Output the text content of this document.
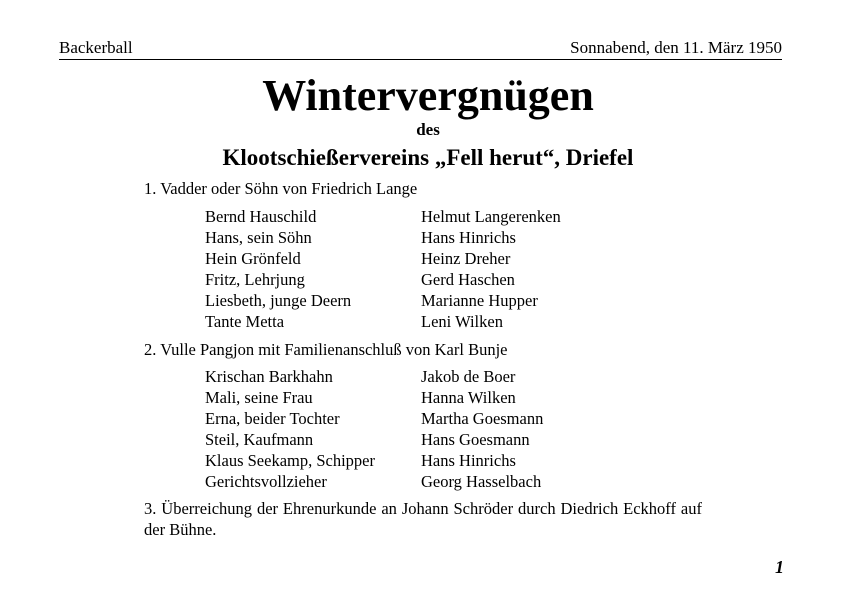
Backerball	Sonnabend, den 11. März 1950
Wintervergnügen
des
Klootschießervereins „Fell herut“, Driefel
1. Vadder oder Söhn von Friedrich Lange
Bernd Hauschild	Helmut Langerenken
Hans, sein Söhn	Hans Hinrichs
Hein Grönfeld	Heinz Dreher
Fritz, Lehrjung	Gerd Haschen
Liesbeth, junge Deern	Marianne Hupper
Tante Metta	Leni Wilken
2. Vulle Pangjon mit Familienanschluß von Karl Bunje
Krischan Barkhahn	Jakob de Boer
Mali, seine Frau	Hanna Wilken
Erna, beider Tochter	Martha Goesmann
Steil, Kaufmann	Hans Goesmann
Klaus Seekamp, Schipper	Hans Hinrichs
Gerichtsvollzieher	Georg Hasselbach
3. Überreichung der Ehrenurkunde an Johann Schröder durch Diedrich Eckhoff auf der Bühne.
1
